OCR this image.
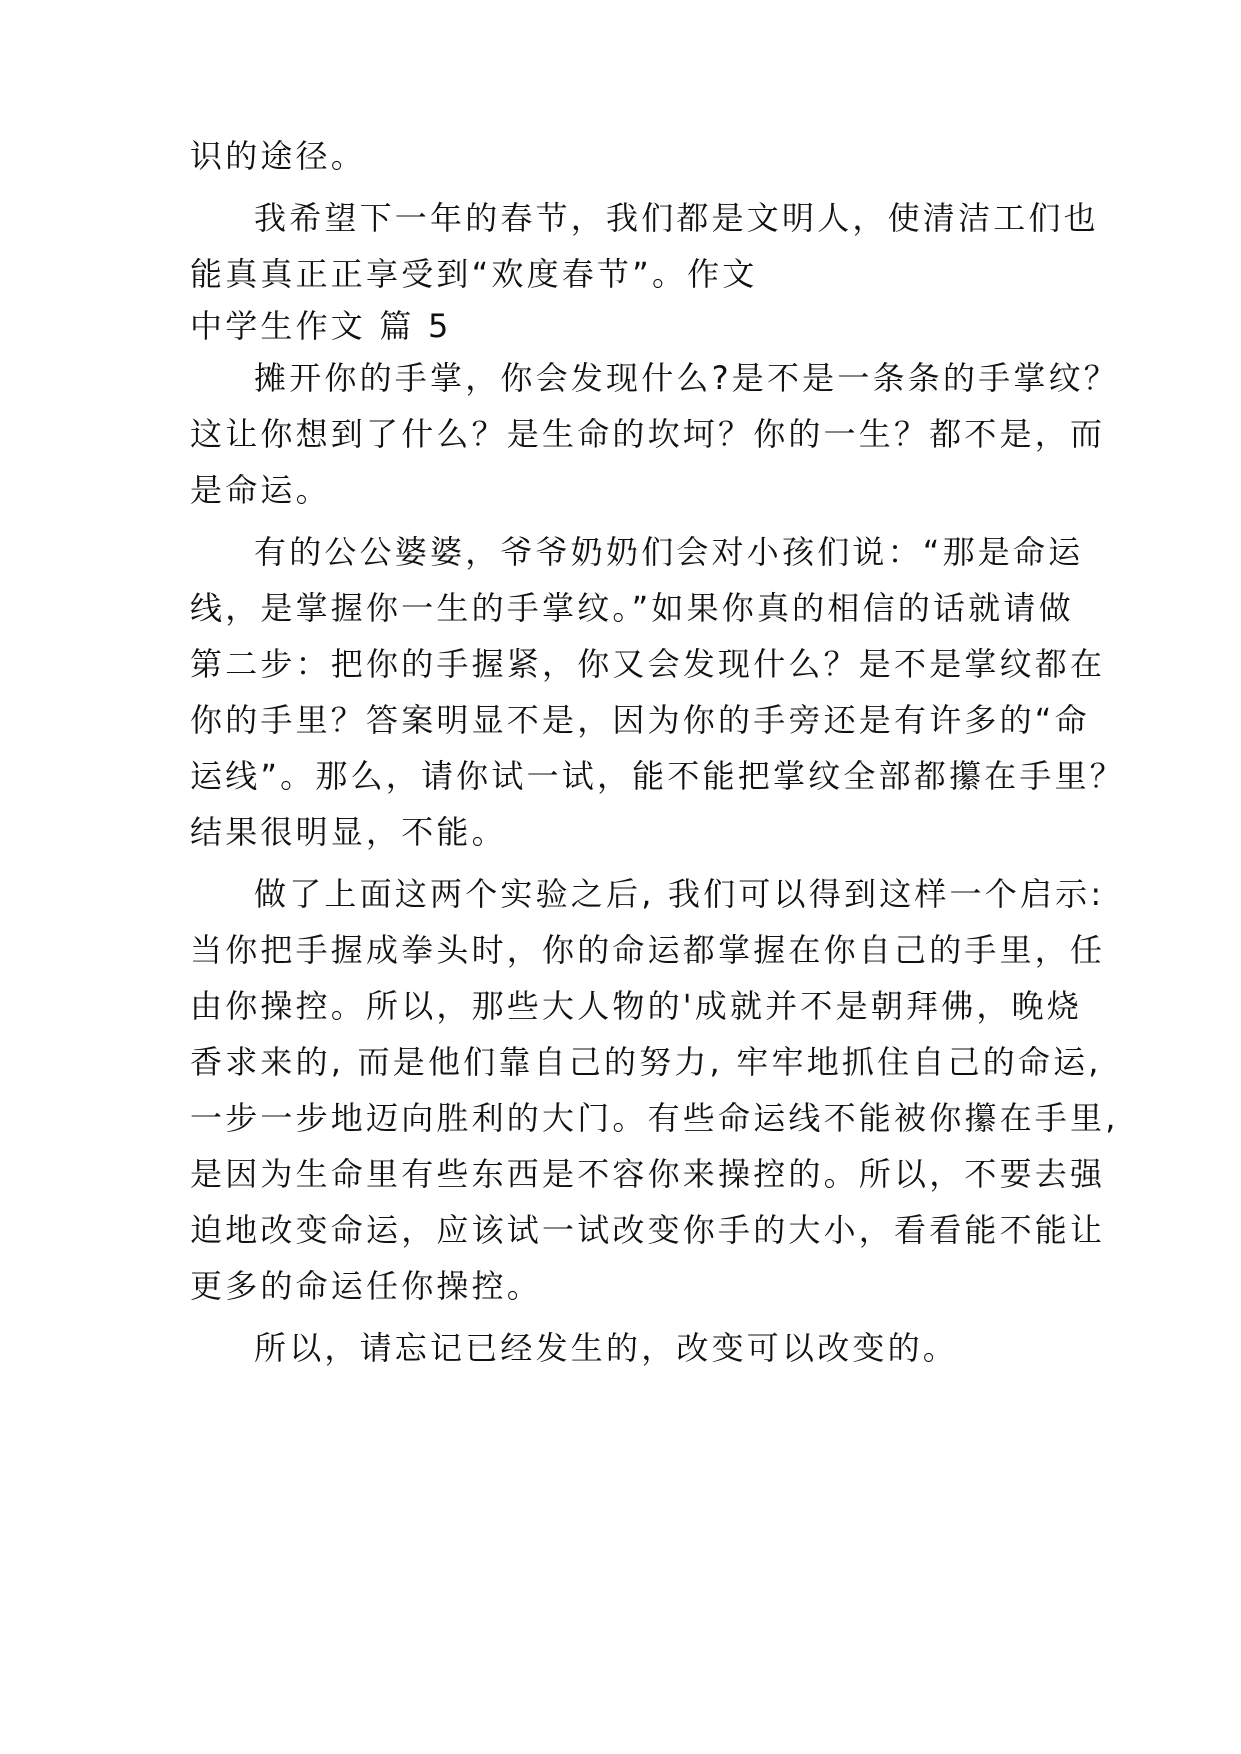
识的途径。
我希望下一年的春节，我们都是文明人，使清洁工们也
能真真正正享受到“欢度春节”。作文
中学生作文 篇 5
摊开你的手掌，你会发现什么?是不是一条条的手掌纹？
这让你想到了什么？是生命的坎坷？你的一生？都不是，而
是命运。
有的公公婆婆，爷爷奶奶们会对小孩们说：“那是命运
线，是掌握你一生的手掌纹。”如果你真的相信的话就请做
第二步：把你的手握紧，你又会发现什么？是不是掌纹都在
你的手里？答案明显不是，因为你的手旁还是有许多的“命
运线”。那么，请你试一试，能不能把掌纹全部都攥在手里？
结果很明显，不能。
做了上面这两个实验之后, 我们可以得到这样一个启示:
当你把手握成拳头时，你的命运都掌握在你自己的手里，任
由你操控。所以，那些大人物的'成就并不是朝拜佛，晚烧
香求来的, 而是他们靠自己的努力, 牢牢地抓住自己的命运,
一步一步地迈向胜利的大门。有些命运线不能被你攥在手里,
是因为生命里有些东西是不容你来操控的。所以，不要去强
迫地改变命运，应该试一试改变你手的大小，看看能不能让
更多的命运任你操控。
所以，请忘记已经发生的，改变可以改变的。
